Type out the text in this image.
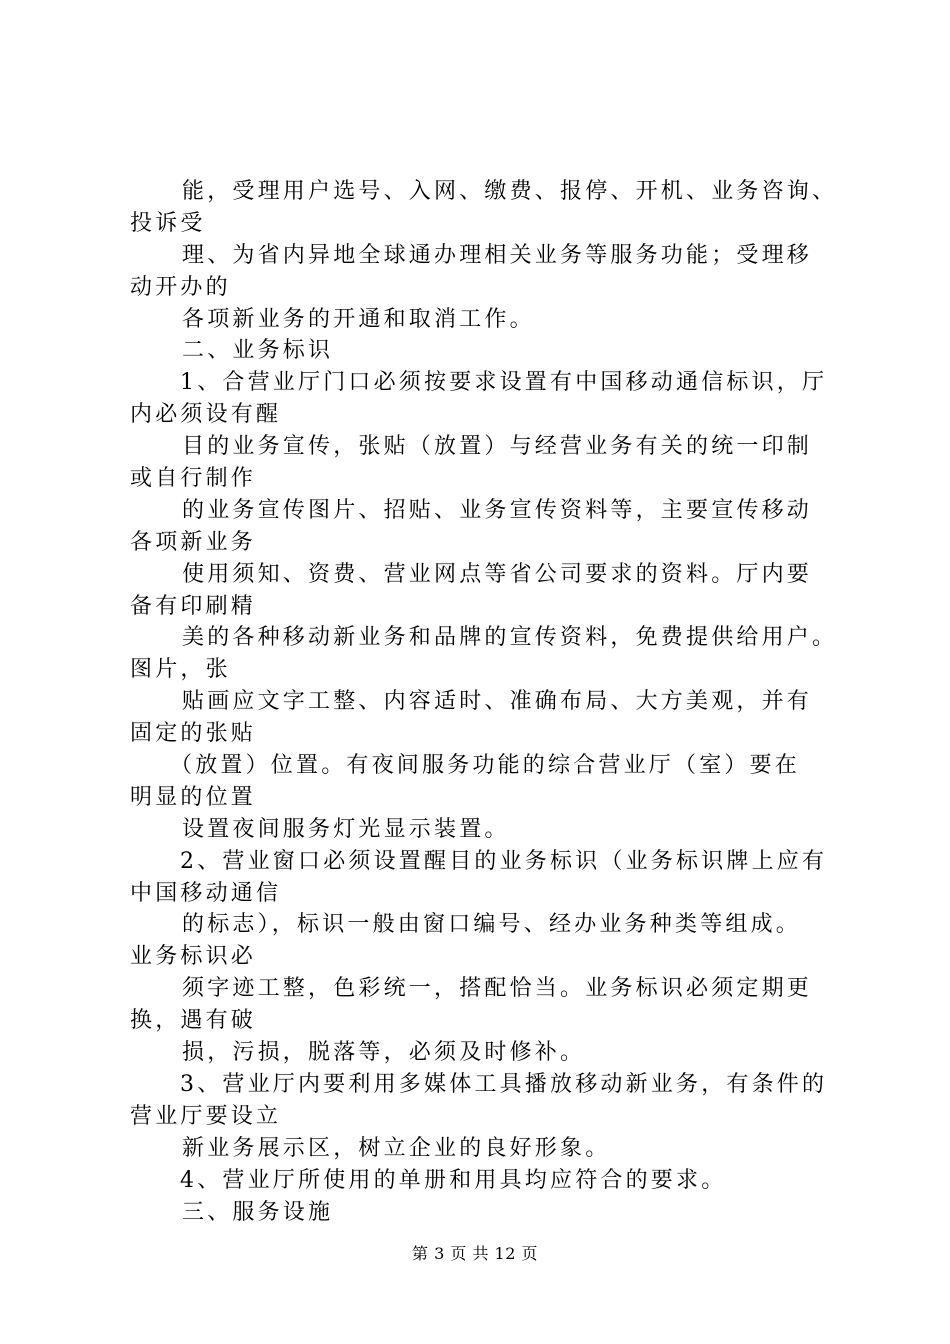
能，受理用户选号、入网、缴费、报停、开机、业务咨询、
投诉受
理、为省内异地全球通办理相关业务等服务功能；受理移
动开办的
各项新业务的开通和取消工作。
二、业务标识
1、合营业厅门口必须按要求设置有中国移动通信标识，厅
内必须设有醒
目的业务宣传，张贴（放置）与经营业务有关的统一印制
或自行制作
的业务宣传图片、招贴、业务宣传资料等，主要宣传移动
各项新业务
使用须知、资费、营业网点等省公司要求的资料。厅内要
备有印刷精
美的各种移动新业务和品牌的宣传资料，免费提供给用户。
图片，张
贴画应文字工整、内容适时、准确布局、大方美观，并有
固定的张贴
（放置）位置。有夜间服务功能的综合营业厅（室）要在
明显的位置
设置夜间服务灯光显示装置。
2、营业窗口必须设置醒目的业务标识（业务标识牌上应有
中国移动通信
的标志），标识一般由窗口编号、经办业务种类等组成。
业务标识必
须字迹工整，色彩统一，搭配恰当。业务标识必须定期更
换，遇有破
损，污损，脱落等，必须及时修补。
3、营业厅内要利用多媒体工具播放移动新业务，有条件的
营业厅要设立
新业务展示区，树立企业的良好形象。
4、营业厅所使用的单册和用具均应符合的要求。
三、服务设施
第 3 页 共 12 页
